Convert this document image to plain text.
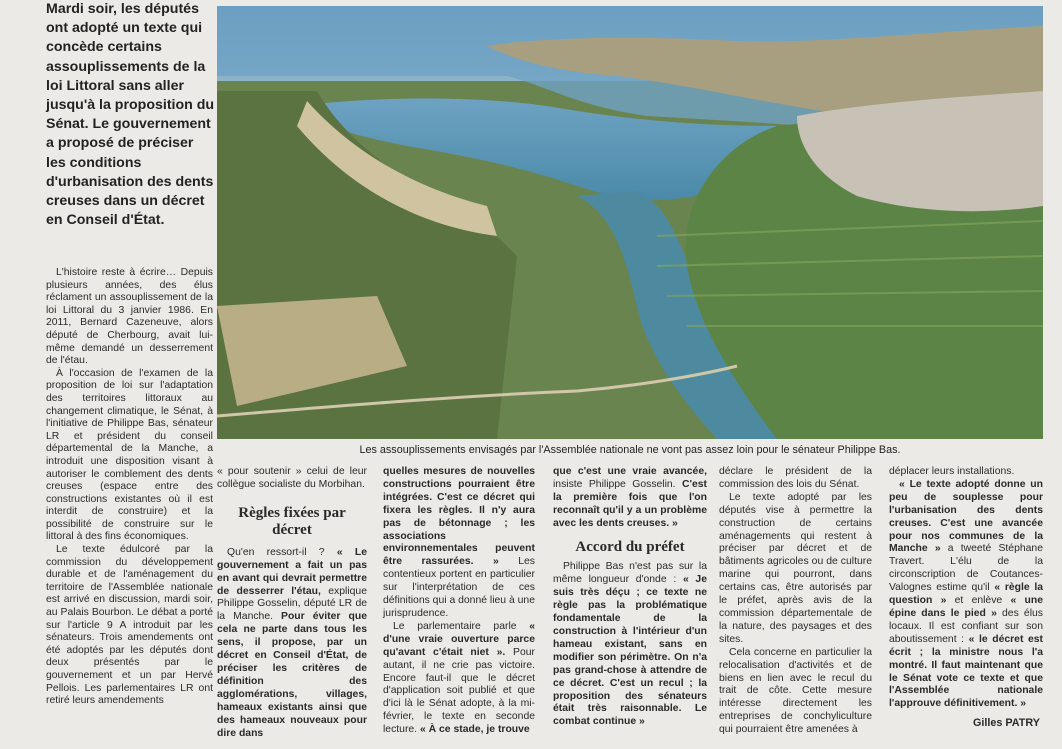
Mardi soir, les députés ont adopté un texte qui concède certains assouplissements de la loi Littoral sans aller jusqu'à la proposition du Sénat. Le gouvernement a proposé de préciser les conditions d'urbanisation des dents creuses dans un décret en Conseil d'État.

L'histoire reste à écrire… Depuis plusieurs années, des élus réclament un assouplissement de la loi Littoral du 3 janvier 1986. En 2011, Bernard Cazeneuve, alors député de Cherbourg, avait lui-même demandé un desserrement de l'étau.

À l'occasion de l'examen de la proposition de loi sur l'adaptation des territoires littoraux au changement climatique, le Sénat, à l'initiative de Philippe Bas, sénateur LR et président du conseil départemental de la Manche, a introduit une disposition visant à autoriser le comblement des dents creuses (espace entre des constructions existantes où il est interdit de construire) et la possibilité de construire sur le littoral à des fins économiques.

Le texte édulcoré par la commission du développement durable et de l'aménagement du territoire de l'Assemblée nationale est arrivé en discussion, mardi soir, au Palais Bourbon. Le débat a porté sur l'article 9 A introduit par les sénateurs. Trois amendements ont été adoptés par les députés dont deux présentés par le gouvernement et un par Hervé Pellois. Les parlementaires LR ont retiré leurs amendements

Les assouplissements envisagés par l'Assemblée nationale ne vont pas assez loin pour le sénateur Philippe Bas.

« pour soutenir » celui de leur collègue socialiste du Morbihan.

Règles fixées par décret

Qu'en ressort-il ? « Le gouvernement a fait un pas en avant qui devrait permettre de desserrer l'étau, explique Philippe Gosselin, député LR de la Manche. Pour éviter que cela ne parte dans tous les sens, il propose, par un décret en Conseil d'État, de préciser les critères de définition des agglomérations, villages, hameaux existants ainsi que des hameaux nouveaux pour dire dans

quelles mesures de nouvelles constructions pourraient être intégrées. C'est ce décret qui fixera les règles. Il n'y aura pas de bétonnage ; les associations environnementales peuvent être rassurées. » Les contentieux portent en particulier sur l'interprétation de ces définitions qui a donné lieu à une jurisprudence.

Le parlementaire parle « d'une vraie ouverture parce qu'avant c'était niet ». Pour autant, il ne crie pas victoire. Encore faut-il que le décret d'application soit publié et que d'ici là le Sénat adopte, à la mi-février, le texte en seconde lecture. « À ce stade, je trouve

que c'est une vraie avancée, insiste Philippe Gosselin. C'est la première fois que l'on reconnaît qu'il y a un problème avec les dents creuses. »

Accord du préfet

Philippe Bas n'est pas sur la même longueur d'onde : « Je suis très déçu ; ce texte ne règle pas la problématique fondamentale de la construction à l'intérieur d'un hameau existant, sans en modifier son périmètre. On n'a pas grand-chose à attendre de ce décret. C'est un recul ; la proposition des sénateurs était très raisonnable. Le combat continue »

déclare le président de la commission des lois du Sénat.

Le texte adopté par les députés vise à permettre la construction de certains aménagements qui restent à préciser par décret et de bâtiments agricoles ou de culture marine qui pourront, dans certains cas, être autorisés par le préfet, après avis de la commission départementale de la nature, des paysages et des sites.

Cela concerne en particulier la relocalisation d'activités et de biens en lien avec le recul du trait de côte. Cette mesure intéresse directement les entreprises de conchyliculture qui pourraient être amenées à

déplacer leurs installations.

« Le texte adopté donne un peu de souplesse pour l'urbanisation des dents creuses. C'est une avancée pour nos communes de la Manche » a tweeté Stéphane Travert. L'élu de la circonscription de Coutances-Valognes estime qu'il « règle la question » et enlève « une épine dans le pied » des élus locaux. Il est confiant sur son aboutissement : « le décret est écrit ; la ministre nous l'a montré. Il faut maintenant que le Sénat vote ce texte et que l'Assemblée nationale l'approuve définitivement. »

Gilles PATRY
